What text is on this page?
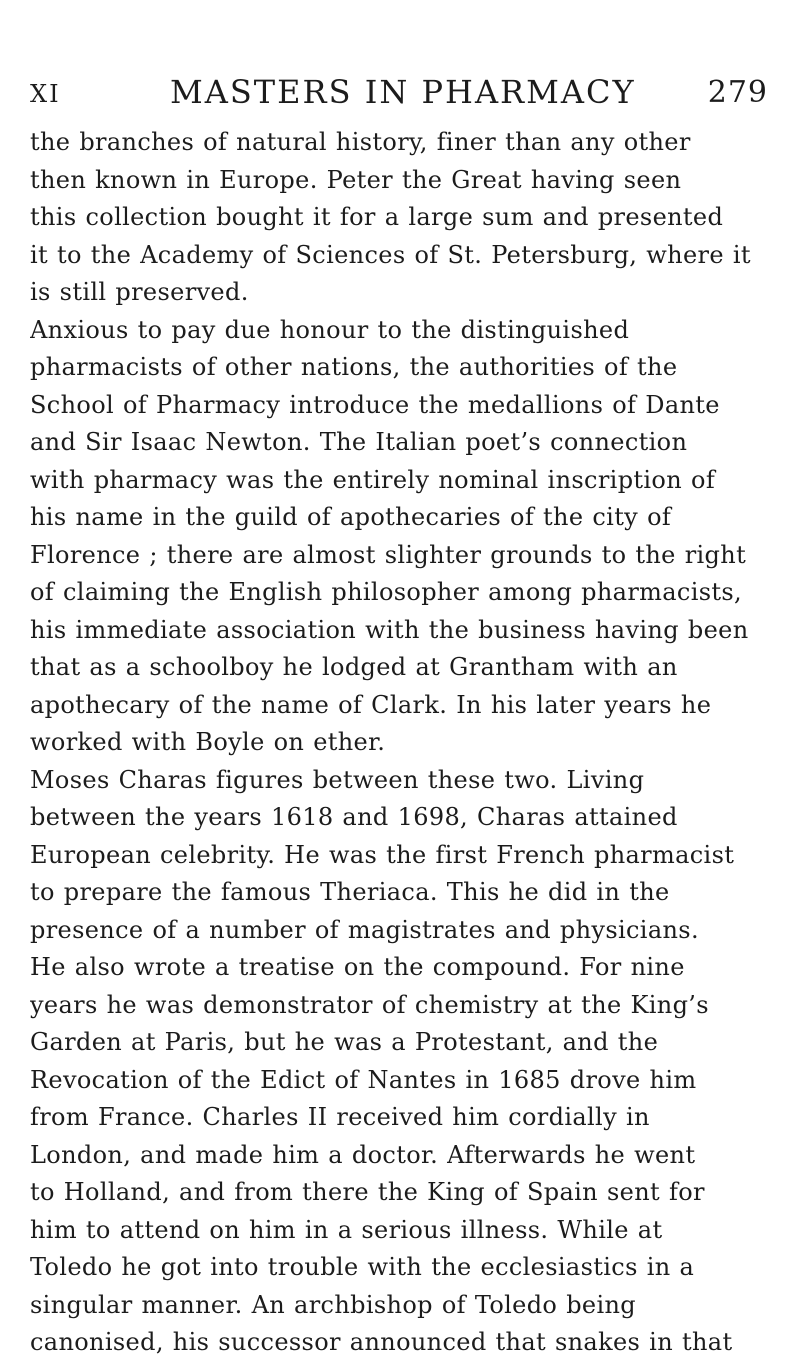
XI	MASTERS IN PHARMACY 279
the branches of natural history, finer than any other
then known in Europe. Peter the Great having seen
this collection bought it for a large sum and presented
it to the Academy of Sciences of St. Petersburg, where it
is still preserved.
Anxious to pay due honour to the distinguished
pharmacists of other nations, the authorities of the
School of Pharmacy introduce the medallions of Dante
and Sir Isaac Newton. The Italian poet’s connection
with pharmacy was the entirely nominal inscription of
his name in the guild of apothecaries of the city of
Florence ; there are almost slighter grounds to the right
of claiming the English philosopher among pharmacists,
his immediate association with the business having been
that as a schoolboy he lodged at Grantham with an
apothecary of the name of Clark. In his later years he
worked with Boyle on ether.
Moses Charas figures between these two. Living
between the years 1618 and 1698, Charas attained
European celebrity. He was the first French pharmacist
to prepare the famous Theriaca. This he did in the
presence of a number of magistrates and physicians.
He also wrote a treatise on the compound. For nine
years he was demonstrator of chemistry at the King’s
Garden at Paris, but he was a Protestant, and the
Revocation of the Edict of Nantes in 1685 drove him
from France. Charles II received him cordially in
London, and made him a doctor. Afterwards he went
to Holland, and from there the King of Spain sent for
him to attend on him in a serious illness. While at
Toledo he got into trouble with the ecclesiastics in a
singular manner. An archbishop of Toledo being
canonised, his successor announced that snakes in that
